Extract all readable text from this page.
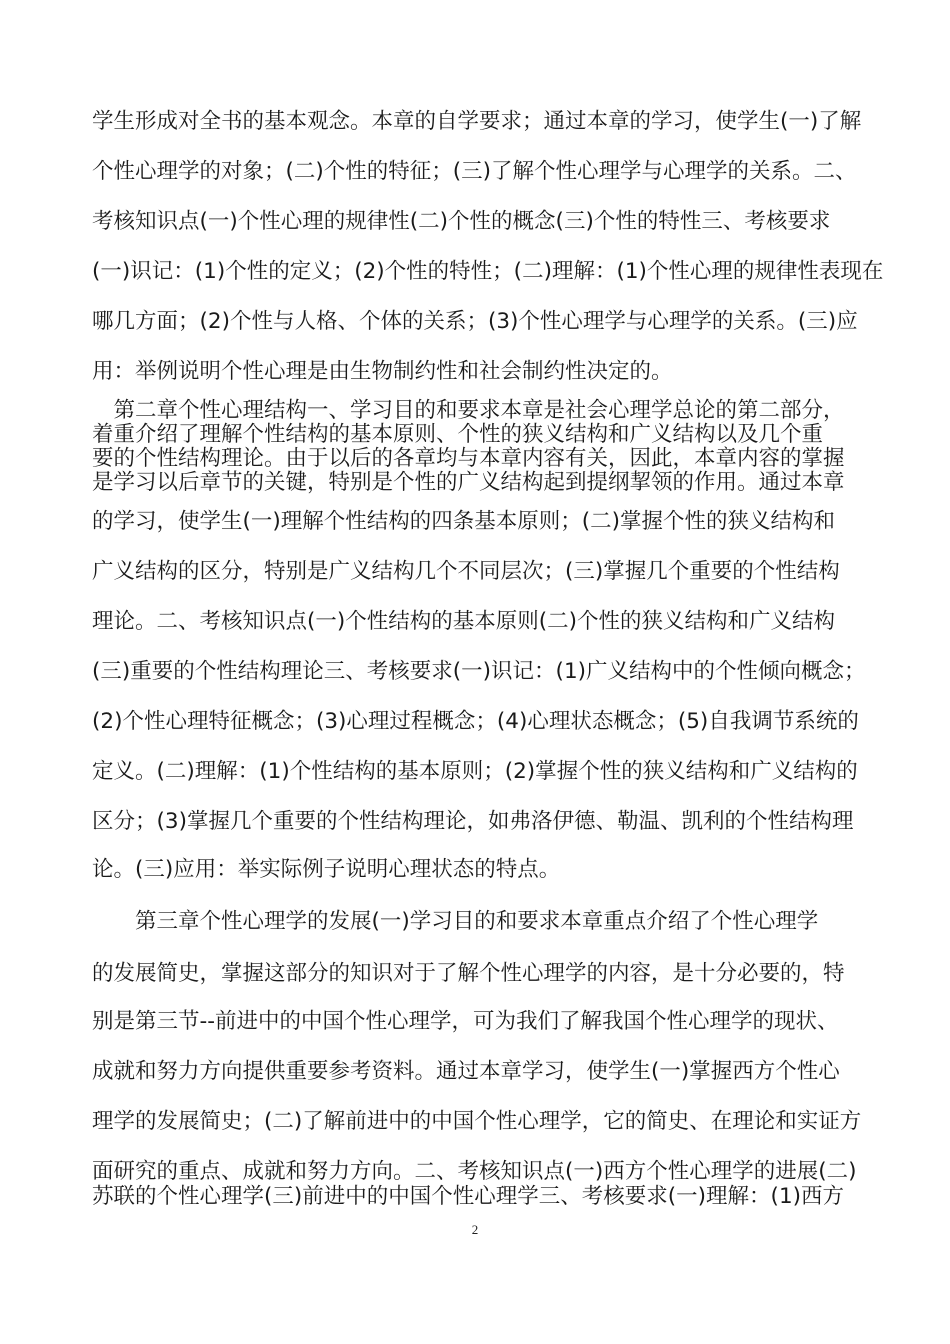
学生形成对全书的基本观念。本章的自学要求；通过本章的学习，使学生(一)了解
个性心理学的对象；(二)个性的特征；(三)了解个性心理学与心理学的关系。二、
考核知识点(一)个性心理的规律性(二)个性的概念(三)个性的特性三、考核要求
(一)识记：(1)个性的定义；(2)个性的特性；(二)理解：(1)个性心理的规律性表现在
哪几方面；(2)个性与人格、个体的关系；(3)个性心理学与心理学的关系。(三)应
用：举例说明个性心理是由生物制约性和社会制约性决定的。
　第二章个性心理结构一、学习目的和要求本章是社会心理学总论的第二部分，
着重介绍了理解个性结构的基本原则、个性的狭义结构和广义结构以及几个重
要的个性结构理论。由于以后的各章均与本章内容有关，因此，本章内容的掌握
是学习以后章节的关键，特别是个性的广义结构起到提纲挈领的作用。通过本章
的学习，使学生(一)理解个性结构的四条基本原则；(二)掌握个性的狭义结构和
广义结构的区分，特别是广义结构几个不同层次；(三)掌握几个重要的个性结构
理论。二、考核知识点(一)个性结构的基本原则(二)个性的狭义结构和广义结构
(三)重要的个性结构理论三、考核要求(一)识记：(1)广义结构中的个性倾向概念；
(2)个性心理特征概念；(3)心理过程概念；(4)心理状态概念；(5)自我调节系统的
定义。(二)理解：(1)个性结构的基本原则；(2)掌握个性的狭义结构和广义结构的
区分；(3)掌握几个重要的个性结构理论，如弗洛伊德、勒温、凯利的个性结构理
论。(三)应用：举实际例子说明心理状态的特点。
　　第三章个性心理学的发展(一)学习目的和要求本章重点介绍了个性心理学
的发展简史，掌握这部分的知识对于了解个性心理学的内容，是十分必要的，特
别是第三节--前进中的中国个性心理学，可为我们了解我国个性心理学的现状、
成就和努力方向提供重要参考资料。通过本章学习，使学生(一)掌握西方个性心
理学的发展简史；(二)了解前进中的中国个性心理学，它的简史、在理论和实证方
面研究的重点、成就和努力方向。二、考核知识点(一)西方个性心理学的进展(二)
苏联的个性心理学(三)前进中的中国个性心理学三、考核要求(一)理解：(1)西方
2
